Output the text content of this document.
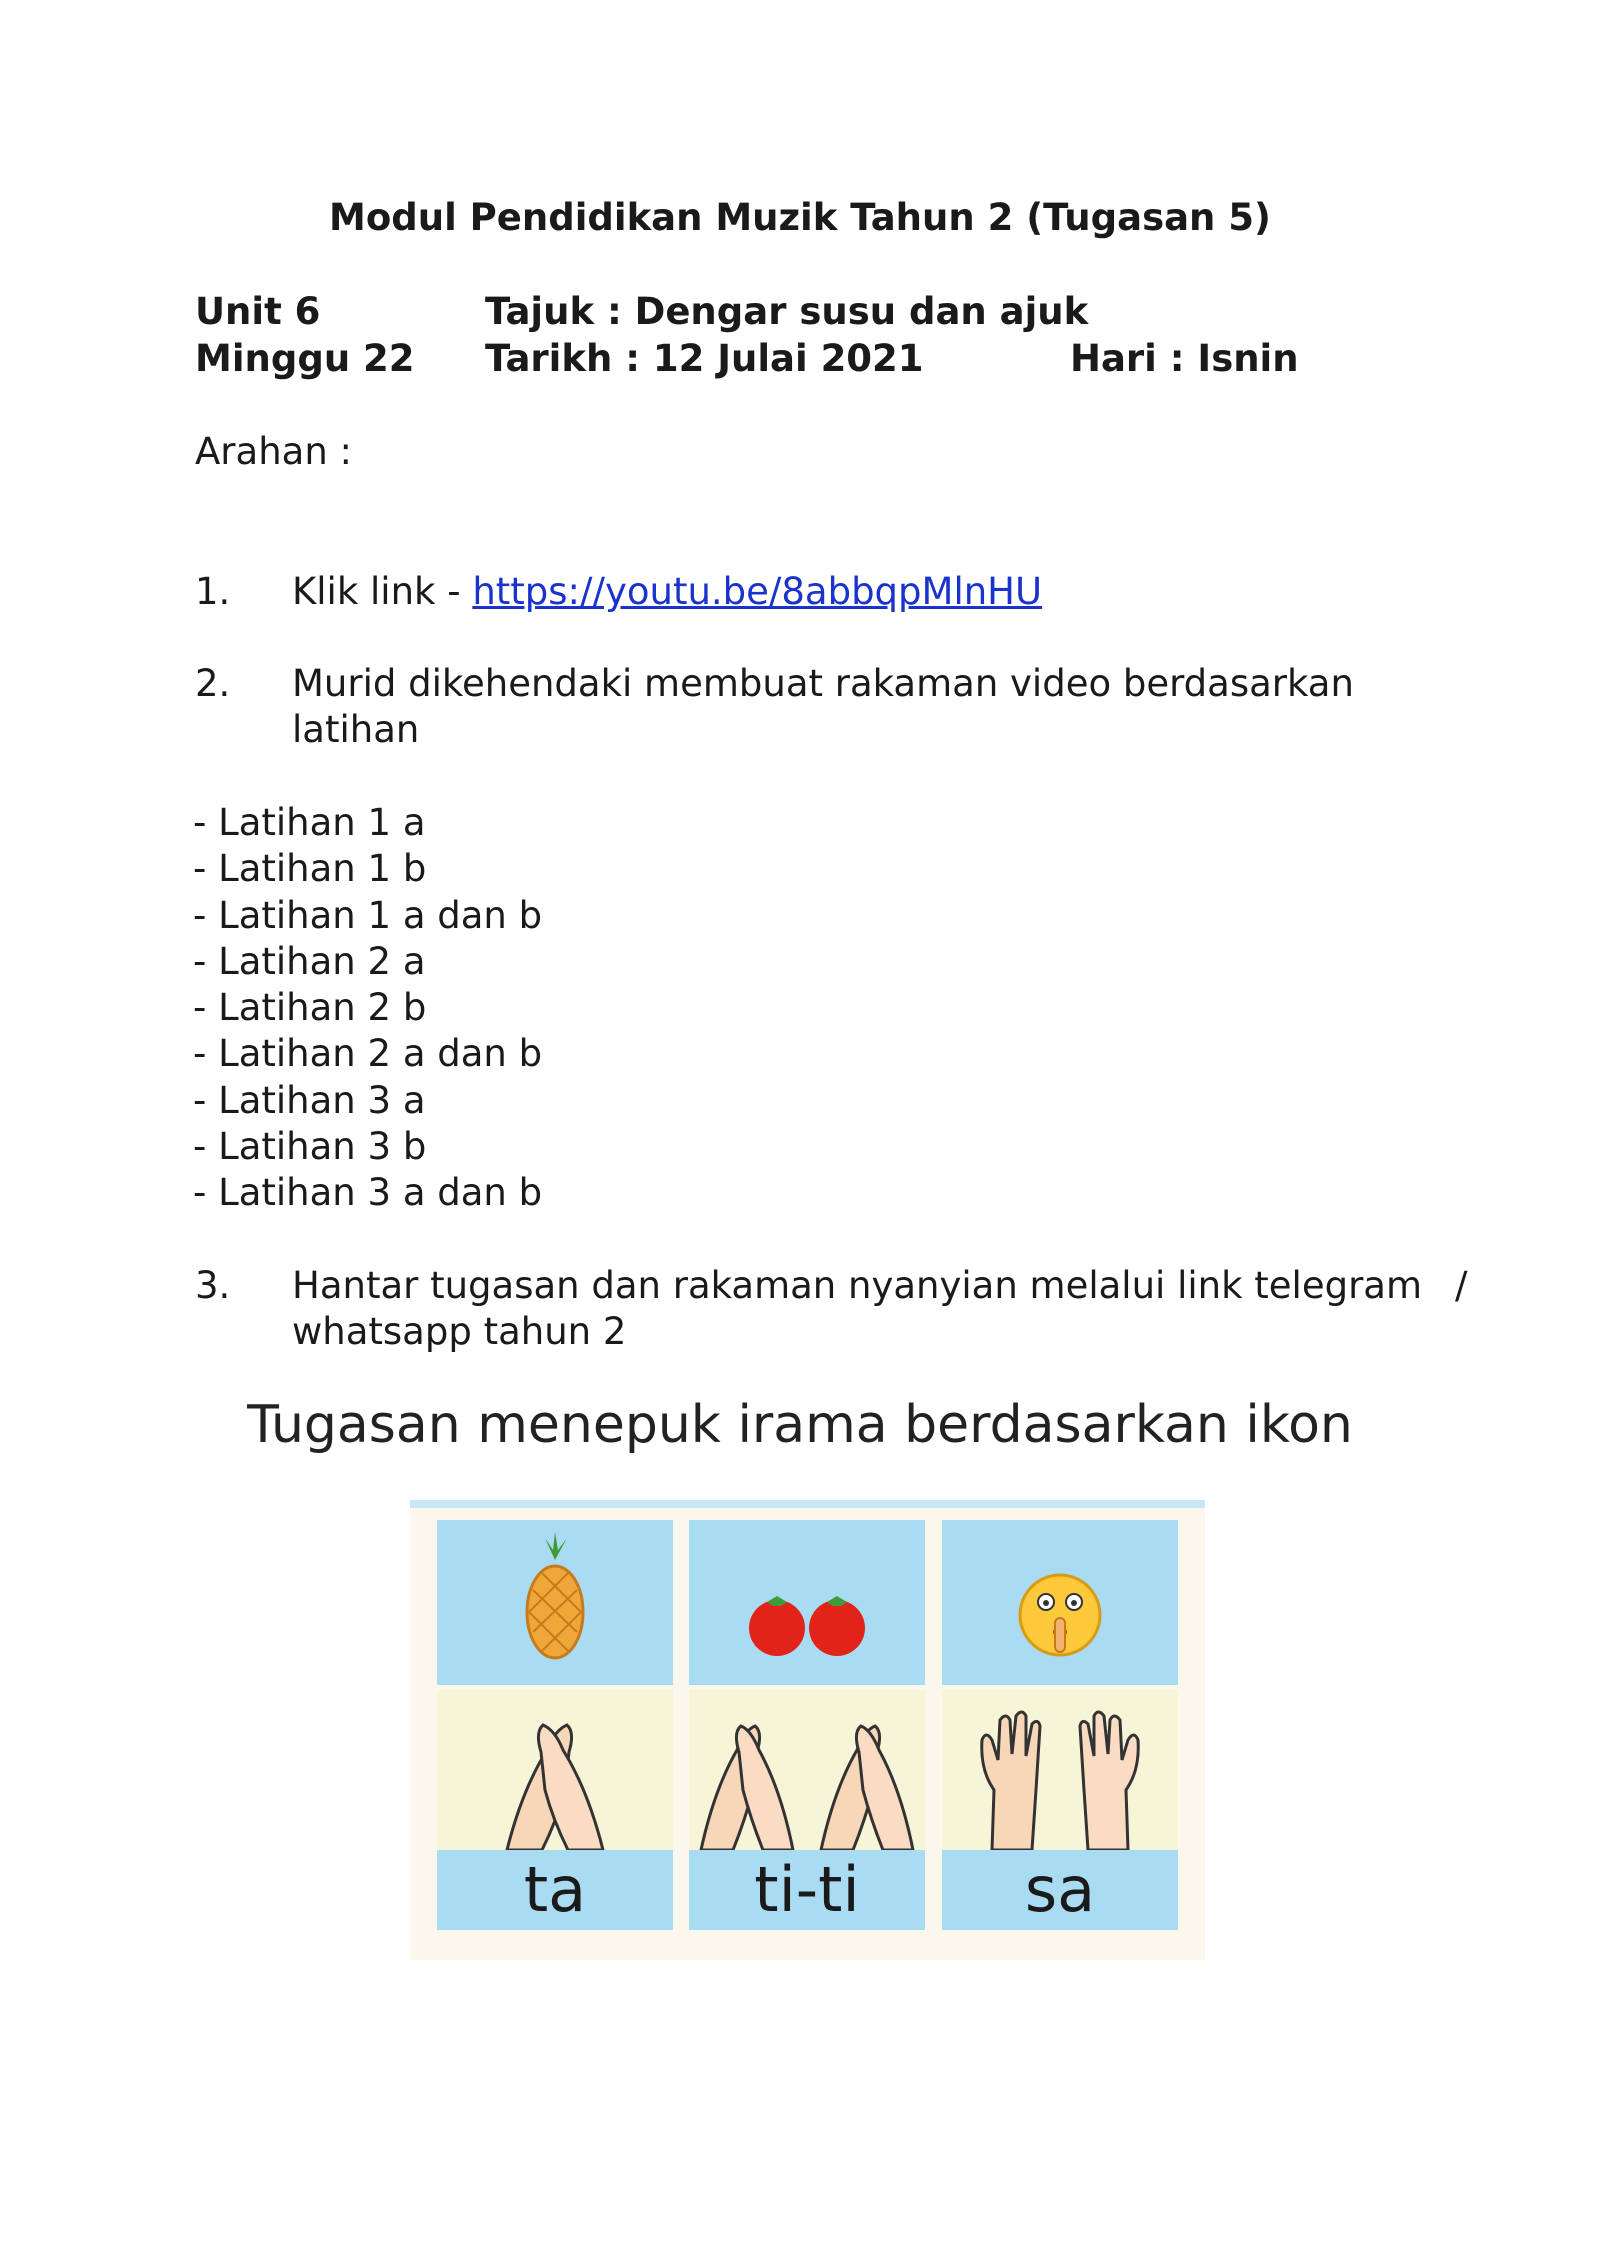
Modul Pendidikan Muzik Tahun 2 (Tugasan 5)
Unit 6	Tajuk : Dengar susu dan ajuk
Minggu 22 Tarikh : 12 Julai 2021	Hari : Isnin
Arahan :
1. Klik link - https://youtu.be/8abbqpMlnHU
2. Murid dikehendaki membuat rakaman video berdasarkan
latihan
- Latihan 1 a
- Latihan 1 b
- Latihan 1 a dan b
- Latihan 2 a
- Latihan 2 b
- Latihan 2 a dan b
- Latihan 3 a
- Latihan 3 b
- Latihan 3 a dan b
3. Hantar tugasan dan rakaman nyanyian melalui link telegram /
whatsapp tahun 2
Tugasan menepuk irama berdasarkan ikon
ta	ti-ti	sa
